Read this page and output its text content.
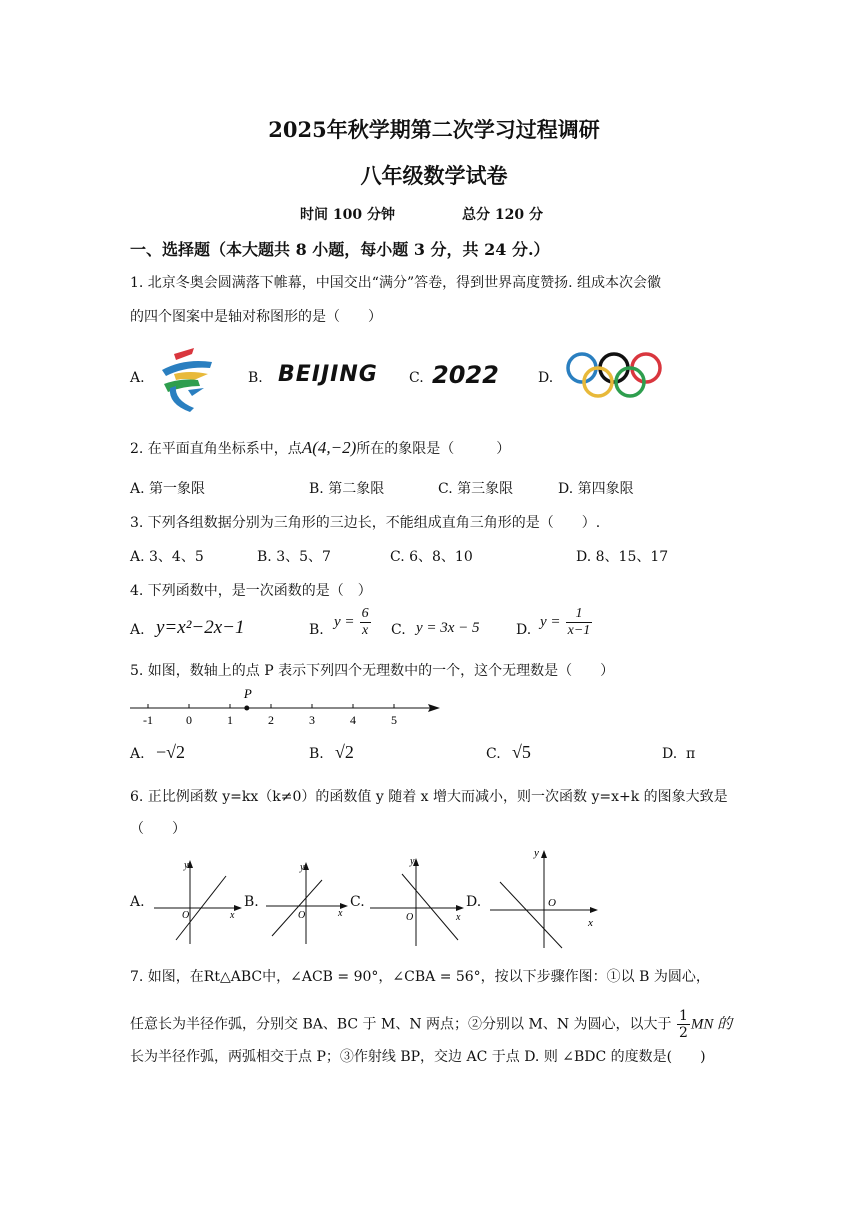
2025年秋学期第二次学习过程调研
八年级数学试卷
时间 100 分钟	总分 120 分
一、选择题（本大题共 8 小题，每小题 3 分，共 24 分.）
1. 北京冬奥会圆满落下帷幕，中国交出“满分”答卷，得到世界高度赞扬. 组成本次会徽
的四个图案中是轴对称图形的是（　　）
A.	B. BEIJING C. 2022	D.
2. 在平面直角坐标系中，点A(4,−2)所在的象限是（　　　）
A. 第一象限	B. 第二象限	C. 第三象限	D. 第四象限
3. 下列各组数据分别为三角形的三边长，不能组成直角三角形的是（　　）.
A. 3、4、5	B. 3、5、7	C. 6、8、10	D. 8、15、17
4. 下列函数中，是一次函数的是（　）
A. y=x²−2x−1	B. $y = \frac{6}{x} C$. y = 3x − 5	D. $y = \frac{1}{x-1}$
5. 如图，数轴上的点 P 表示下列四个无理数中的一个，这个无理数是（　　）
-1	0	1	2	3	4	5
P
A. −√2	B. √2	C. √5	D. π
6. 正比例函数 y=kx（k≠0）的函数值 y 随着 x 增大而减小，则一次函数 y=x+k 的图象大致是
（　　）
A.
y
x
O
B.
y
x
O
C.
y
x
O
D.
y
x
O
7. 如图，在Rt△ABC中，∠ACB = 90°，∠CBA = 56°，按以下步骤作图：①以 B 为圆心，
任意长为半径作弧，分别交 BA、BC 于 M、N 两点；②分别以 M、N 为圆心，以大于 $\frac{1}{2}$ MN 的
长为半径作弧，两弧相交于点 P；③作射线 BP，交边 AC 于点 D. 则 ∠BDC 的度数是(　　)
